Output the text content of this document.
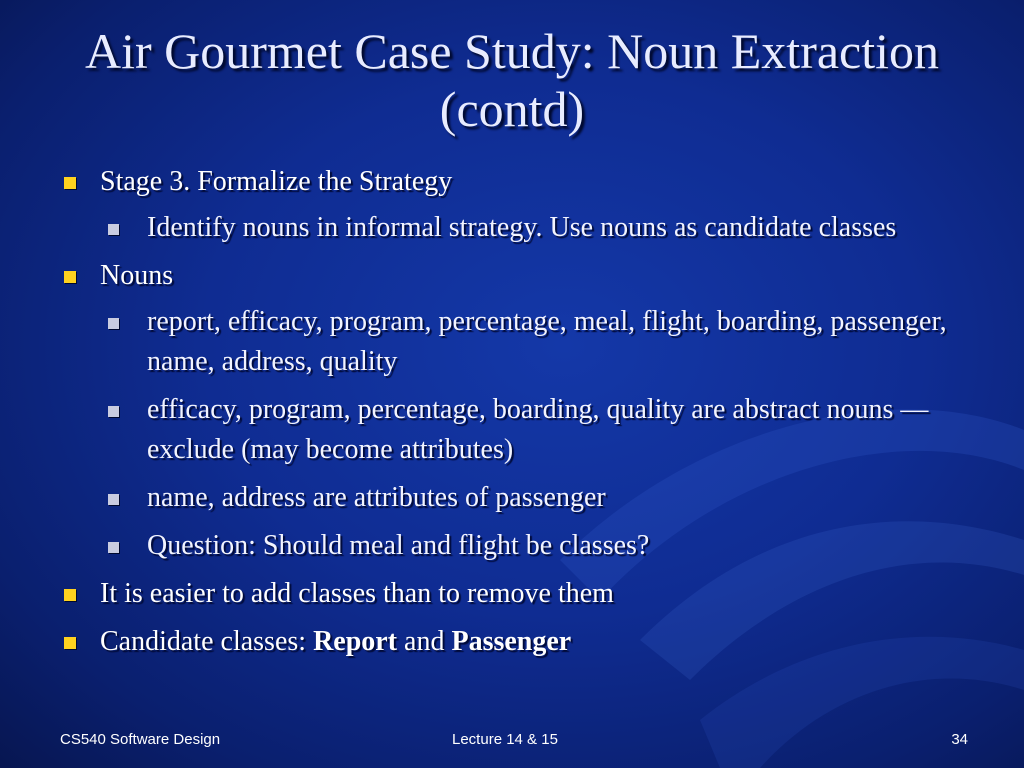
Air Gourmet Case Study: Noun Extraction (contd)
Stage 3. Formalize the Strategy
Identify nouns in informal strategy. Use nouns as candidate classes
Nouns
report, efficacy, program, percentage, meal, flight, boarding, passenger, name, address, quality
efficacy, program, percentage, boarding, quality are abstract nouns — exclude (may become attributes)
name, address are attributes of passenger
Question: Should meal and flight be classes?
It is easier to add classes than to remove them
Candidate classes: Report and Passenger
CS540 Software Design	Lecture 14 & 15	34
